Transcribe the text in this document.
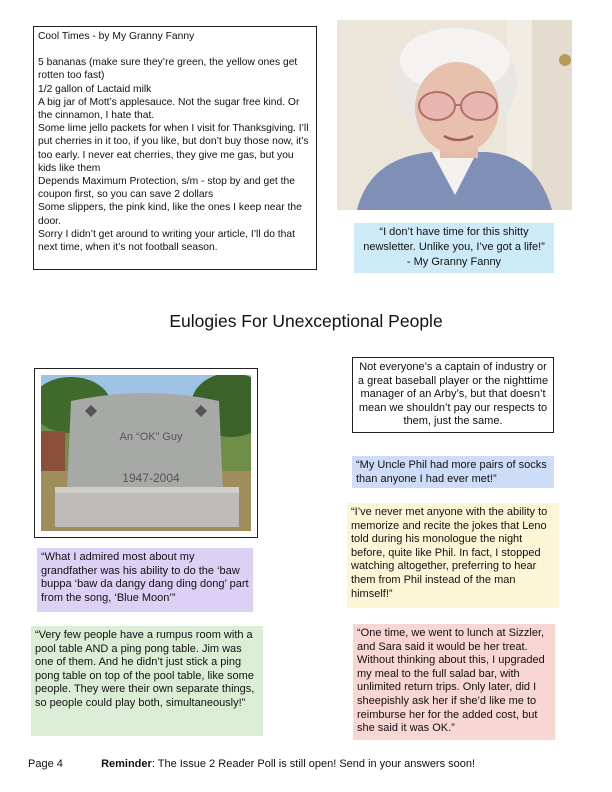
Cool Times - by My Granny Fanny
5 bananas (make sure they’re green, the yellow ones get rotten too fast)
1/2 gallon of Lactaid milk
A big jar of Mott’s applesauce. Not the sugar free kind. Or the cinnamon, I hate that.
Some lime jello packets for when I visit for Thanksgiving. I’ll put cherries in it too, if you like, but don’t buy those now, it’s too early. I never eat cherries, they give me gas, but you kids like them
Depends Maximum Protection, s/m - stop by and get the coupon first, so you can save 2 dollars
Some slippers, the pink kind, like the ones I keep near the door.
Sorry I didn’t get around to writing your article, I’ll do that next time, when it’s not football season.
“I don’t have time for this shitty newsletter. Unlike you, I’ve got a life!”
- My Granny Fanny
Eulogies For Unexceptional People
An “OK” Guy
1947-2004
Not everyone’s a captain of industry or a great baseball player or the nighttime manager of an Arby’s, but that doesn’t mean we shouldn’t pay our respects to them, just the same.
“My Uncle Phil had more pairs of socks than anyone I had ever met!”
“I’ve never met anyone with the ability to memorize and recite the jokes that Leno told during his monologue the night before, quite like Phil. In fact, I stopped watching altogether, preferring to hear them from Phil instead of the man himself!”
“What I admired most about my grandfather was his ability to do the ‘baw buppa ‘baw da dangy dang ding dong’ part from the song, ‘Blue Moon’”
“Very few people have a rumpus room with a pool table AND a ping pong table. Jim was one of them. And he didn’t just stick a ping pong table on top of the pool table, like some people. They were their own separate things, so people could play both, simultaneously!”
“One time, we went to lunch at Sizzler, and Sara said it would be her treat. Without thinking about this, I upgraded my meal to the full salad bar, with unlimited return trips. Only later, did I sheepishly ask her if she’d like me to reimburse her for the added cost, but she said it was OK.”
Page 4	Reminder: The Issue 2 Reader Poll is still open! Send in your answers soon!
